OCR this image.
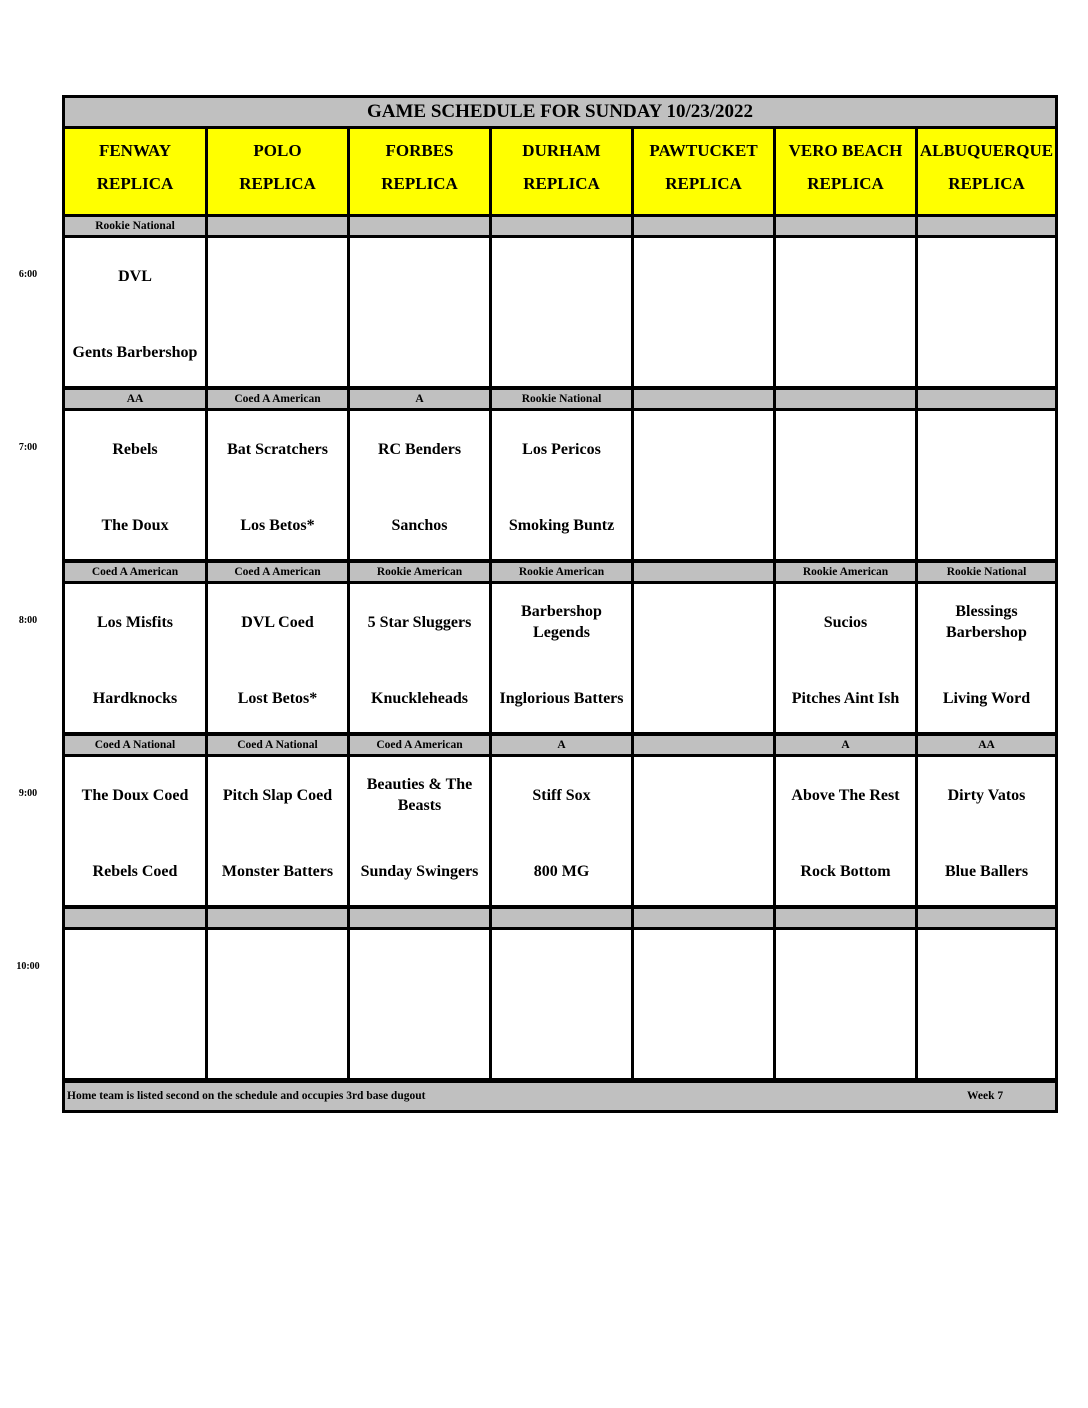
GAME SCHEDULE FOR SUNDAY 10/23/2022
FENWAY
REPLICA
POLO
REPLICA
FORBES
REPLICA
DURHAM
REPLICA
PAWTUCKET
REPLICA
VERO BEACH
REPLICA
ALBUQUERQUE
REPLICA
Rookie National
DVL
Gents Barbershop
AA
Rebels
The Doux
Coed A American
Bat Scratchers
Los Betos*
A
RC Benders
Sanchos
Rookie National
Los Pericos
Smoking Buntz
Coed A American
Los Misfits
Hardknocks
Coed A American
DVL Coed
Lost Betos*
Rookie American
5 Star Sluggers
Knuckleheads
Rookie American
Barbershop Legends
Inglorious Batters
Rookie American
Sucios
Pitches Aint Ish
Rookie National
Blessings Barbershop
Living Word
Coed A National
The Doux Coed
Rebels Coed
Coed A National
Pitch Slap Coed
Monster Batters
Coed A American
Beauties & The Beasts
Sunday Swingers
A
Stiff Sox
800 MG
A
Above The Rest
Rock Bottom
AA
Dirty Vatos
Blue Ballers
Home team is listed second on the schedule and occupies 3rd base dugout	Week 7
6:00
7:00
8:00
9:00
10:00
